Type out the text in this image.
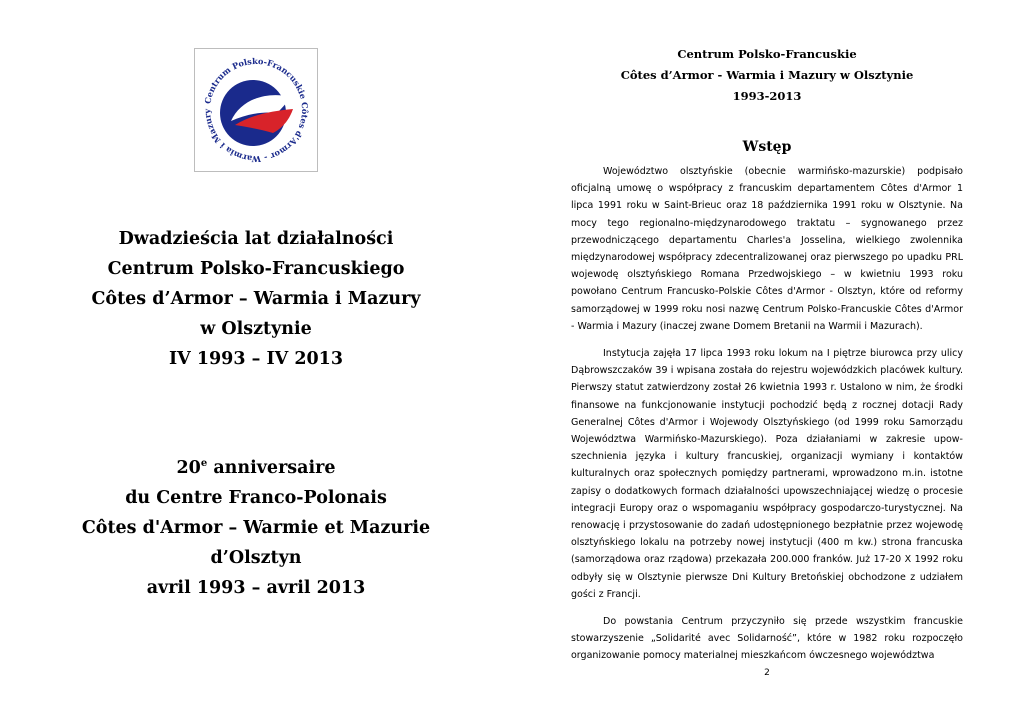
Centrum Polsko-Francuskie Côtes d'Armor - Warmia i Mazury
Dwadzieścia lat działalności
Centrum Polsko-Francuskiego
Côtes d’Armor – Warmia i Mazury
w Olsztynie
IV 1993 – IV 2013
20e anniversaire
du Centre Franco-Polonais
Côtes d'Armor – Warmie et Mazurie
d’Olsztyn
avril 1993 – avril 2013
Centrum Polsko-Francuskie
Côtes d’Armor - Warmia i Mazury w Olsztynie
1993-2013
Wstęp

Województwo olsztyńskie (obecnie warmińsko-mazurskie) podpisało oficjalną umowę o współpracy z francuskim departamentem Côtes d'Armor 1 lipca 1991 roku w Saint-Brieuc oraz 18 października 1991 roku w Olsztynie. Na mocy tego regionalno-międzynarodowego traktatu – sygnowanego przez przewodniczącego departamentu Charles'a Josselina, wielkiego zwolennika międzynarodowej współpracy zdecentralizowanej oraz pierwszego po upadku PRL wojewodę olsztyńskiego Romana Przedwojskiego – w kwietniu 1993 roku powołano Centrum Francusko-Polskie Côtes d'Armor - Olsztyn, które od reformy samorządowej w 1999 roku nosi nazwę Centrum Polsko-Francuskie Côtes d'Armor - Warmia i Mazury (inaczej zwane Domem Bretanii na Warmii i Mazurach).

Instytucja zajęła 17 lipca 1993 roku lokum na I piętrze biurowca przy ulicy Dąbrowszczaków 39 i wpisana została do rejestru wojewódzkich placówek kultury. Pierwszy statut zatwierdzony został 26 kwietnia 1993 r. Ustalono w nim, że środki finansowe na funkcjonowanie instytucji pochodzić będą z rocznej dotacji Rady Generalnej Côtes d'Armor i Wojewody Olsztyńskiego (od 1999 roku Samorządu Województwa Warmińsko-Mazurskiego). Poza działaniami w zakresie upow-szechnienia języka i kultury francuskiej, organizacji wymiany i kontaktów kulturalnych oraz społecznych pomiędzy partnerami, wprowadzono m.in. istotne zapisy o dodatkowych formach działalności upowszechniającej wiedzę o procesie integracji Europy oraz o wspomaganiu współpracy gospodarczo-turystycznej. Na renowację i przystosowanie do zadań udostępnionego bezpłatnie przez wojewodę olsztyńskiego lokalu na potrzeby nowej instytucji (400 m kw.) strona francuska (samorządowa oraz rządowa) przekazała 200.000 franków. Już 17-20 X 1992 roku odbyły się w Olsztynie pierwsze Dni Kultury Bretońskiej obchodzone z udziałem gości z Francji.

Do powstania Centrum przyczyniło się przede wszystkim francuskie stowarzyszenie „Solidarité avec Solidarność”, które w 1982 roku rozpoczęło organizowanie pomocy materialnej mieszkańcom ówczesnego województwa

2
